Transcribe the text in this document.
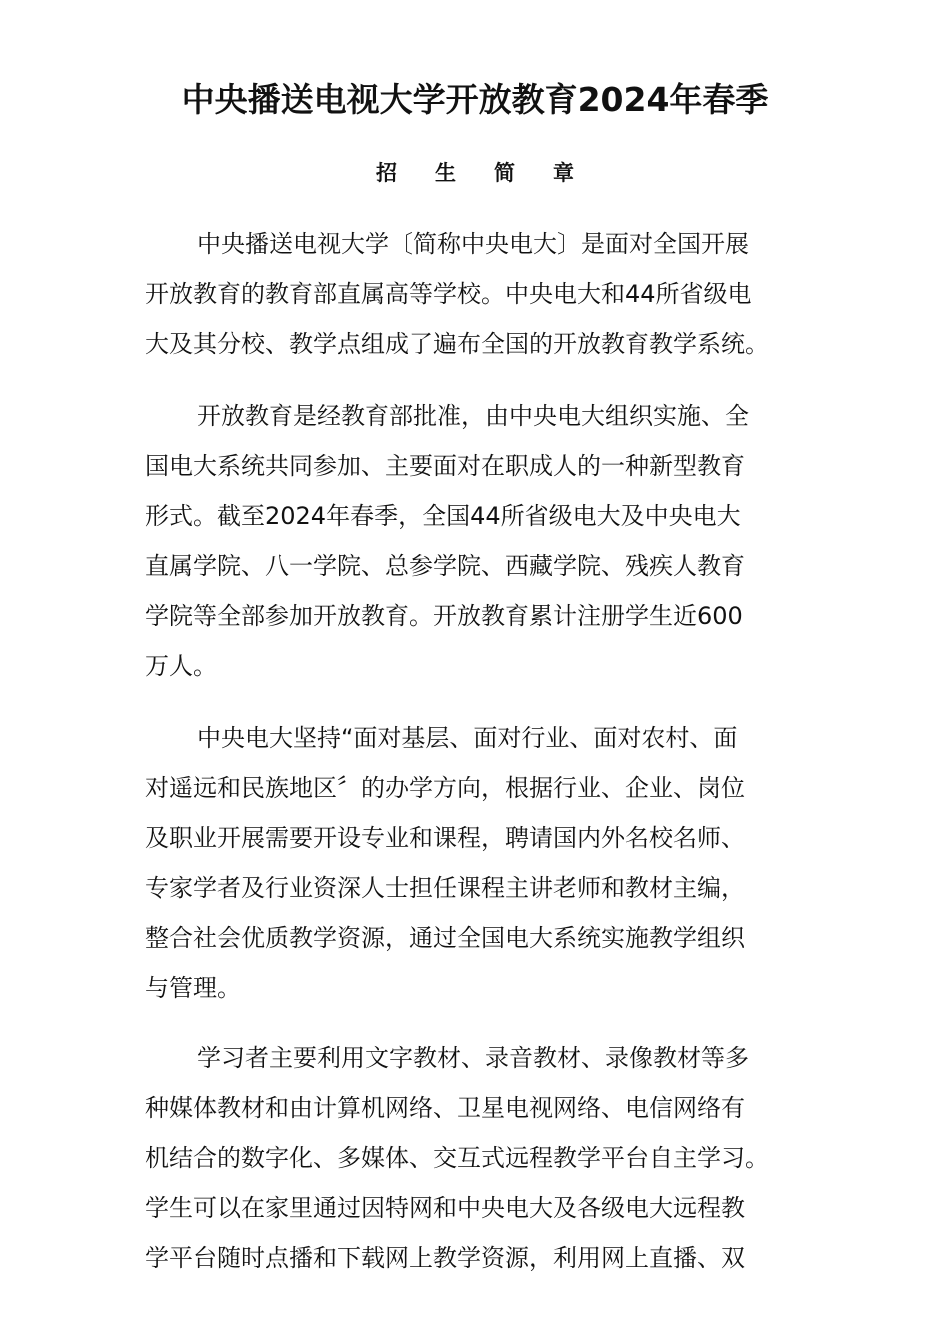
中央播送电视大学开放教育2024年春季
招 生 简 章
中央播送电视大学〔简称中央电大〕是面对全国开展
开放教育的教育部直属高等学校。中央电大和44所省级电
大及其分校、教学点组成了遍布全国的开放教育教学系统。
开放教育是经教育部批准，由中央电大组织实施、全
国电大系统共同参加、主要面对在职成人的一种新型教育
形式。截至2024年春季，全国44所省级电大及中央电大
直属学院、八一学院、总参学院、西藏学院、残疾人教育
学院等全部参加开放教育。开放教育累计注册学生近600
万人。
中央电大坚持“面对基层、面对行业、面对农村、面
对遥远和民族地区〞的办学方向，根据行业、企业、岗位
及职业开展需要开设专业和课程，聘请国内外名校名师、
专家学者及行业资深人士担任课程主讲老师和教材主编，
整合社会优质教学资源，通过全国电大系统实施教学组织
与管理。
学习者主要利用文字教材、录音教材、录像教材等多
种媒体教材和由计算机网络、卫星电视网络、电信网络有
机结合的数字化、多媒体、交互式远程教学平台自主学习。
学生可以在家里通过因特网和中央电大及各级电大远程教
学平台随时点播和下载网上教学资源，利用网上直播、双
